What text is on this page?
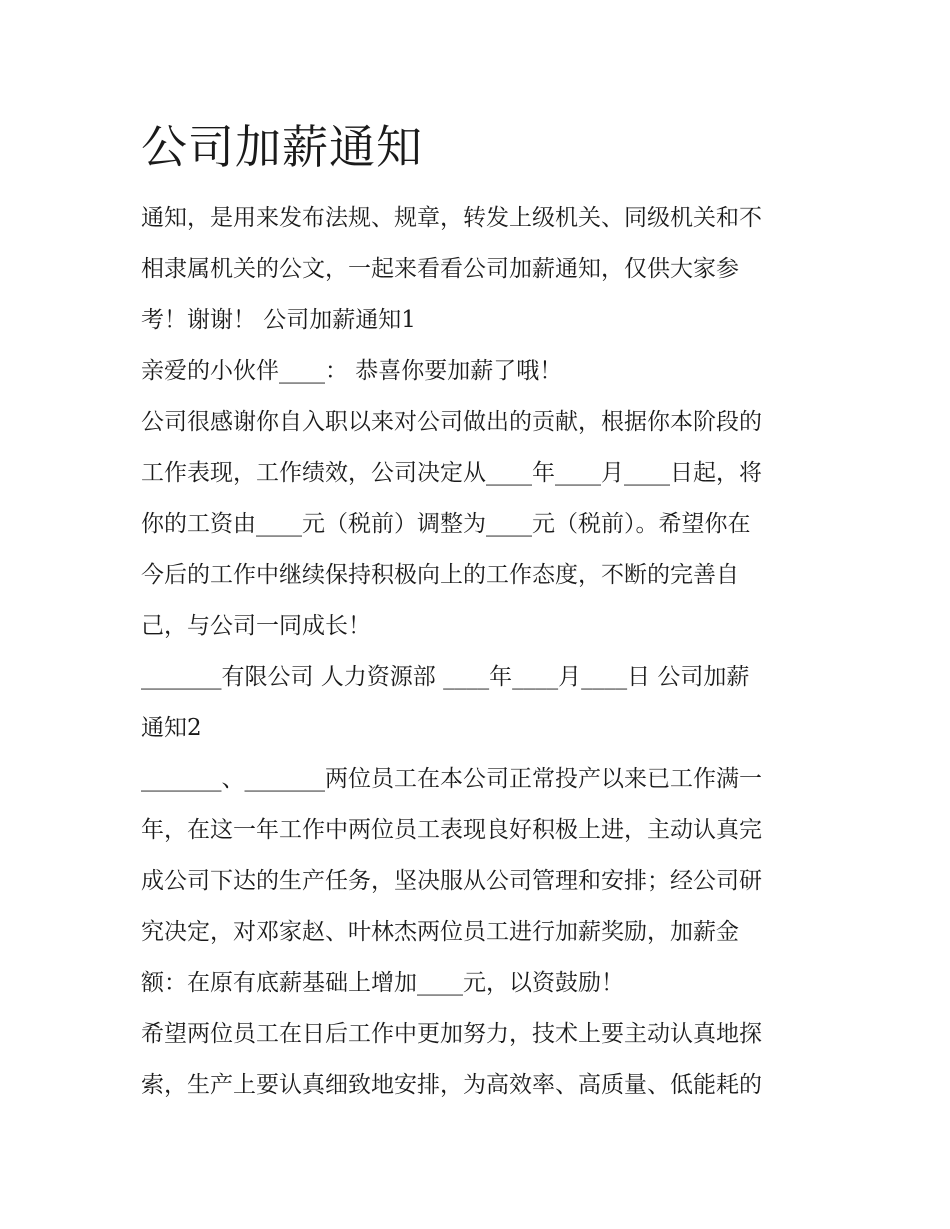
公司加薪通知

通知，是用来发布法规、规章，转发上级机关、同级机关和不

相隶属机关的公文，一起来看看公司加薪通知，仅供大家参

考！谢谢！ 公司加薪通知1

亲爱的小伙伴____： 恭喜你要加薪了哦！

公司很感谢你自入职以来对公司做出的贡献，根据你本阶段的

工作表现，工作绩效，公司决定从____年____月____日起，将

你的工资由____元（税前）调整为____元（税前）。希望你在

今后的工作中继续保持积极向上的工作态度，不断的完善自

己，与公司一同成长！

_______有限公司 人力资源部 ____年____月____日 公司加薪

通知2

_______、_______两位员工在本公司正常投产以来已工作满一

年，在这一年工作中两位员工表现良好积极上进，主动认真完

成公司下达的生产任务，坚决服从公司管理和安排；经公司研

究决定，对邓家赵、叶林杰两位员工进行加薪奖励，加薪金

额：在原有底薪基础上增加____元，以资鼓励！

希望两位员工在日后工作中更加努力，技术上要主动认真地探

索，生产上要认真细致地安排，为高效率、高质量、低能耗的
